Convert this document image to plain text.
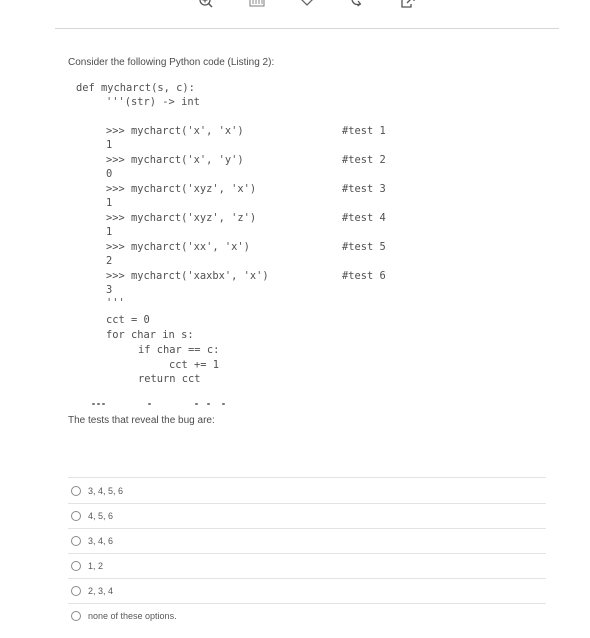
Consider the following Python code (Listing 2):
def mycharct(s, c):
'''(str) -> int
>>> mycharct('x', 'x')	#test 1
1
>>> mycharct('x', 'y')	#test 2
0
>>> mycharct('xyz', 'x')	#test 3
1
>>> mycharct('xyz', 'z')	#test 4
1
>>> mycharct('xx', 'x')	#test 5
2
>>> mycharct('xaxbx', 'x')	#test 6
3
'''
cct = 0
for char in s:
if char == c:
cct += 1
return cct
The tests that reveal the bug are:
3, 4, 5, 6
4, 5, 6
3, 4, 6
1, 2
2, 3, 4
none of these options.
